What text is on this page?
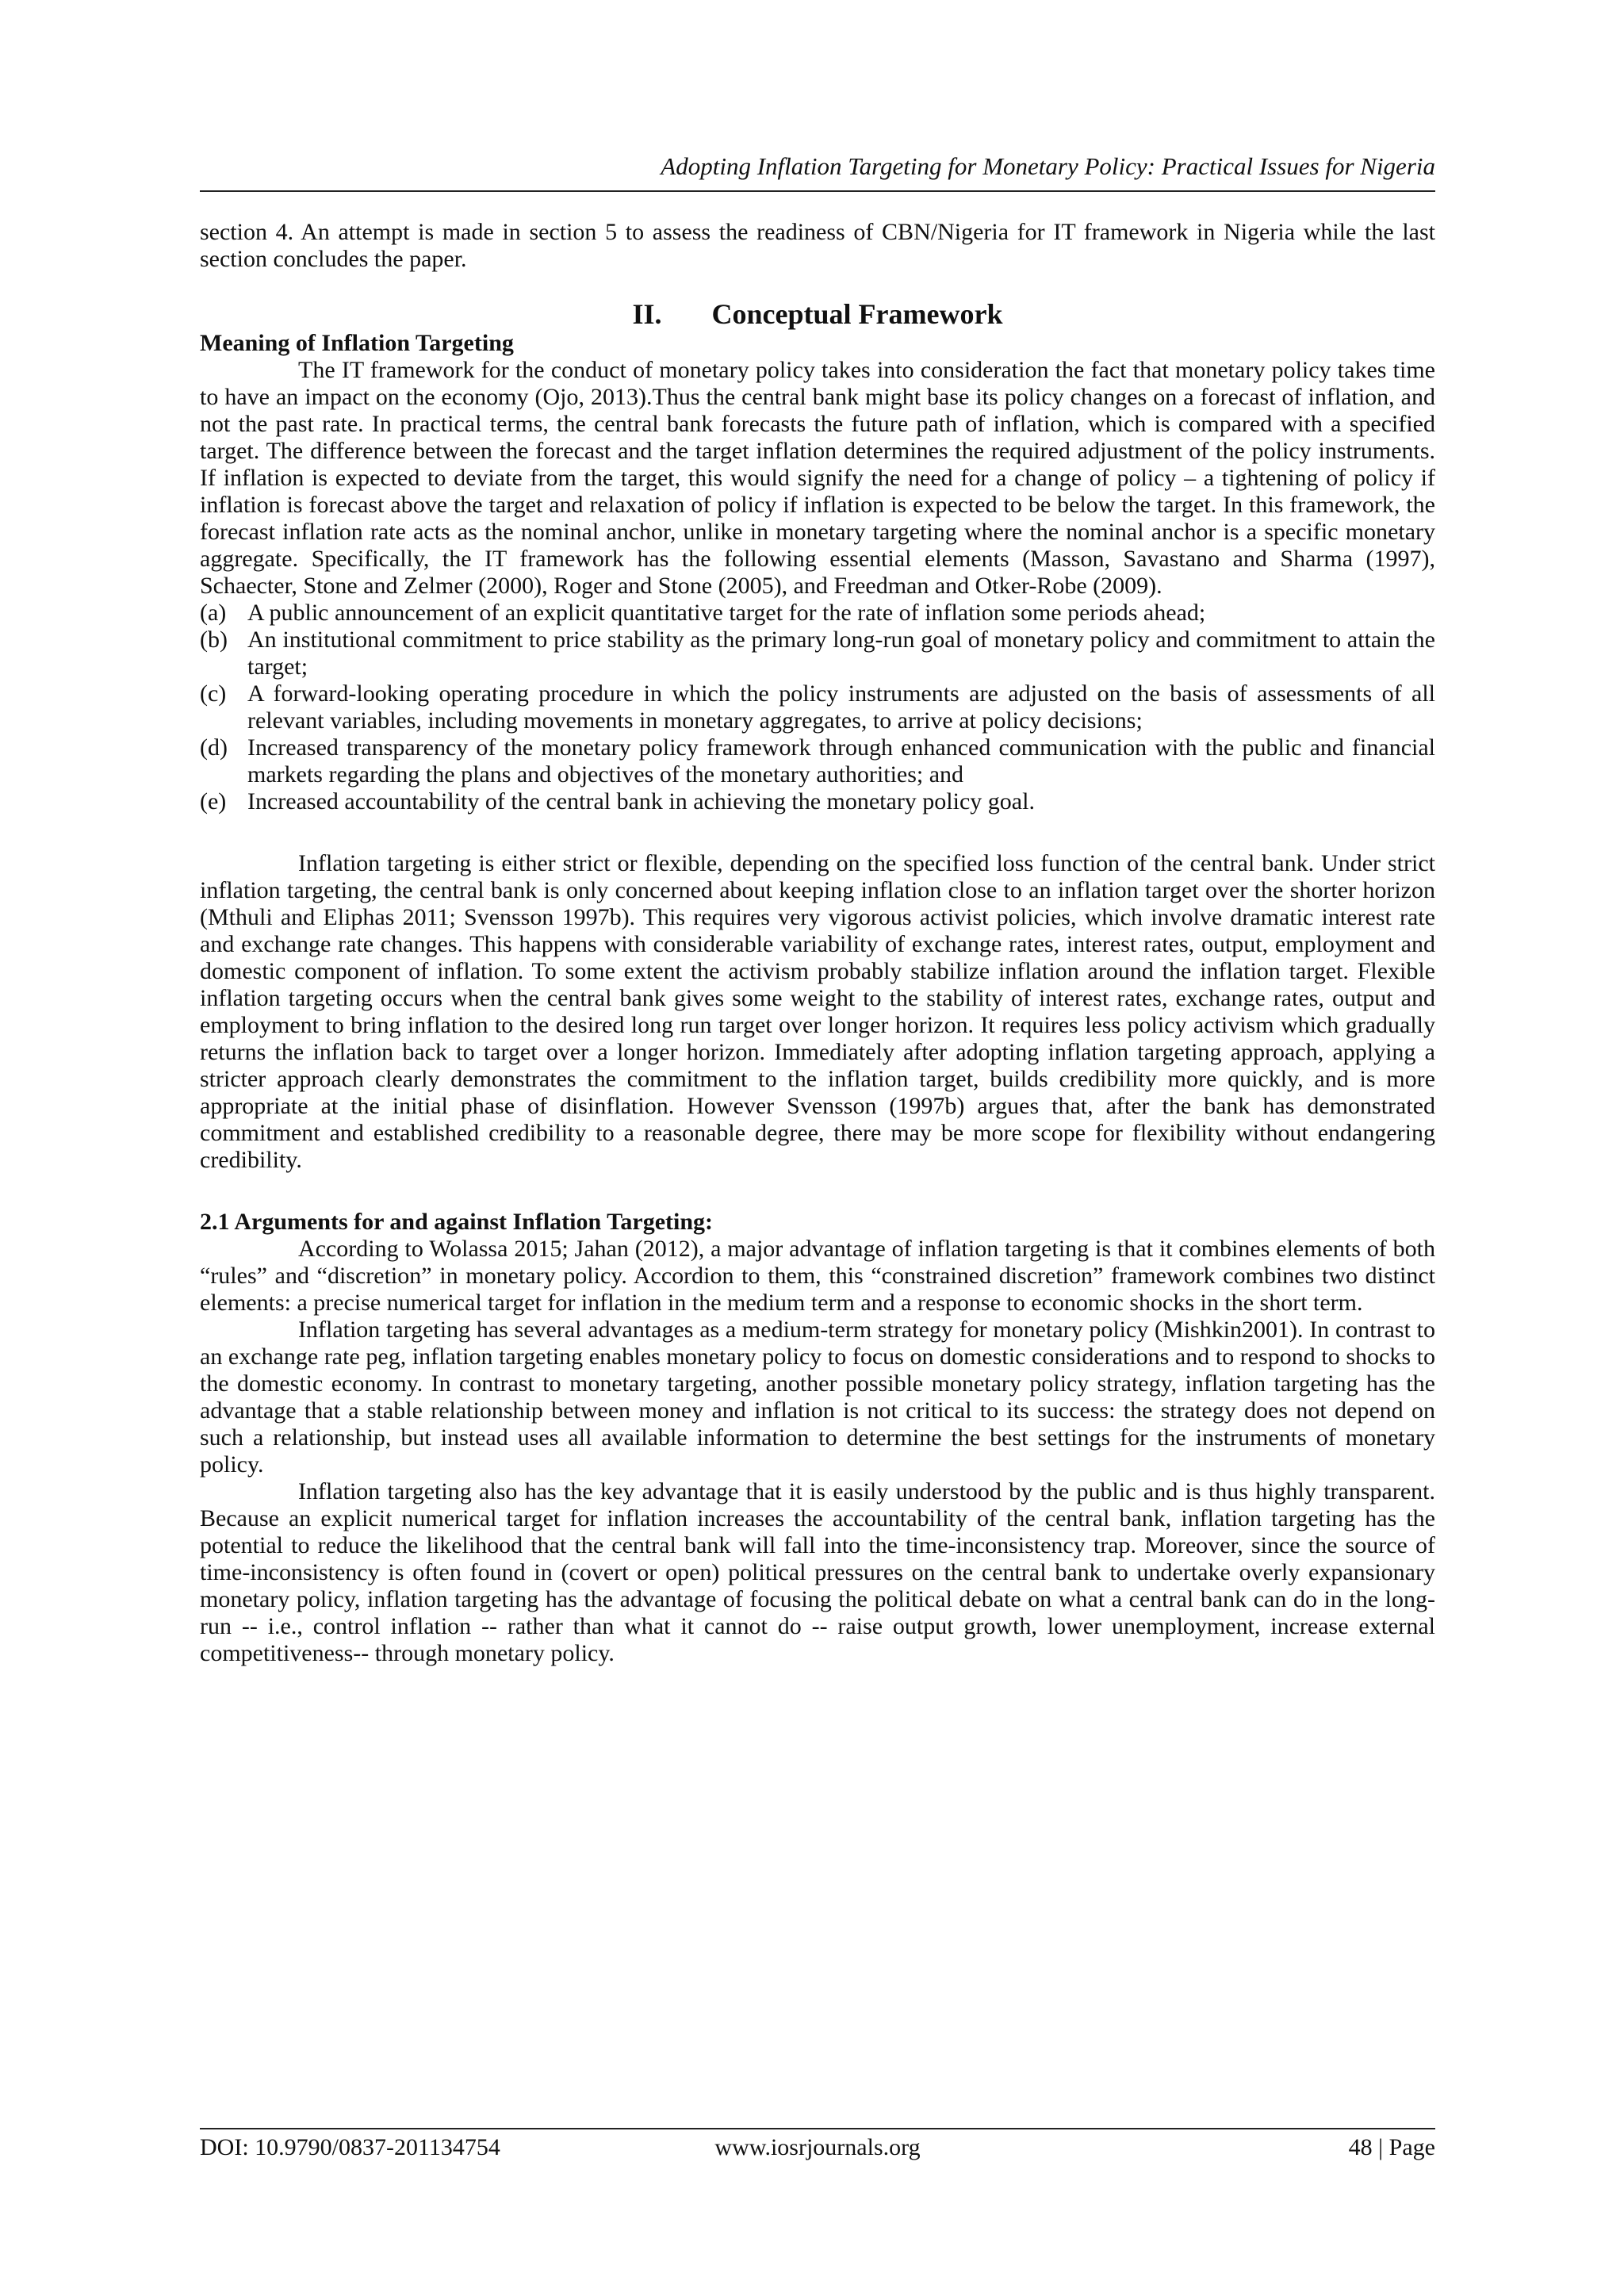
Adopting Inflation Targeting for Monetary Policy: Practical Issues for Nigeria

section 4. An attempt is made in section 5 to assess the readiness of CBN/Nigeria for IT framework in Nigeria while the last section concludes the paper.

II. Conceptual Framework

Meaning of Inflation Targeting

The IT framework for the conduct of monetary policy takes into consideration the fact that monetary policy takes time to have an impact on the economy (Ojo, 2013).Thus the central bank might base its policy changes on a forecast of inflation, and not the past rate. In practical terms, the central bank forecasts the future path of inflation, which is compared with a specified target. The difference between the forecast and the target inflation determines the required adjustment of the policy instruments. If inflation is expected to deviate from the target, this would signify the need for a change of policy – a tightening of policy if inflation is forecast above the target and relaxation of policy if inflation is expected to be below the target. In this framework, the forecast inflation rate acts as the nominal anchor, unlike in monetary targeting where the nominal anchor is a specific monetary aggregate. Specifically, the IT framework has the following essential elements (Masson, Savastano and Sharma (1997), Schaecter, Stone and Zelmer (2000), Roger and Stone (2005), and Freedman and Otker-Robe (2009).

(a) A public announcement of an explicit quantitative target for the rate of inflation some periods ahead;
(b) An institutional commitment to price stability as the primary long-run goal of monetary policy and commitment to attain the target;
(c) A forward-looking operating procedure in which the policy instruments are adjusted on the basis of assessments of all relevant variables, including movements in monetary aggregates, to arrive at policy decisions;
(d) Increased transparency of the monetary policy framework through enhanced communication with the public and financial markets regarding the plans and objectives of the monetary authorities; and
(e) Increased accountability of the central bank in achieving the monetary policy goal.

Inflation targeting is either strict or flexible, depending on the specified loss function of the central bank. Under strict inflation targeting, the central bank is only concerned about keeping inflation close to an inflation target over the shorter horizon (Mthuli and Eliphas 2011; Svensson 1997b). This requires very vigorous activist policies, which involve dramatic interest rate and exchange rate changes. This happens with considerable variability of exchange rates, interest rates, output, employment and domestic component of inflation. To some extent the activism probably stabilize inflation around the inflation target. Flexible inflation targeting occurs when the central bank gives some weight to the stability of interest rates, exchange rates, output and employment to bring inflation to the desired long run target over longer horizon. It requires less policy activism which gradually returns the inflation back to target over a longer horizon. Immediately after adopting inflation targeting approach, applying a stricter approach clearly demonstrates the commitment to the inflation target, builds credibility more quickly, and is more appropriate at the initial phase of disinflation. However Svensson (1997b) argues that, after the bank has demonstrated commitment and established credibility to a reasonable degree, there may be more scope for flexibility without endangering credibility.

2.1 Arguments for and against Inflation Targeting:

According to Wolassa 2015; Jahan (2012), a major advantage of inflation targeting is that it combines elements of both “rules” and “discretion” in monetary policy. Accordion to them, this “constrained discretion” framework combines two distinct elements: a precise numerical target for inflation in the medium term and a response to economic shocks in the short term.

Inflation targeting has several advantages as a medium-term strategy for monetary policy (Mishkin2001). In contrast to an exchange rate peg, inflation targeting enables monetary policy to focus on domestic considerations and to respond to shocks to the domestic economy. In contrast to monetary targeting, another possible monetary policy strategy, inflation targeting has the advantage that a stable relationship between money and inflation is not critical to its success: the strategy does not depend on such a relationship, but instead uses all available information to determine the best settings for the instruments of monetary policy.

Inflation targeting also has the key advantage that it is easily understood by the public and is thus highly transparent. Because an explicit numerical target for inflation increases the accountability of the central bank, inflation targeting has the potential to reduce the likelihood that the central bank will fall into the time-inconsistency trap. Moreover, since the source of time-inconsistency is often found in (covert or open) political pressures on the central bank to undertake overly expansionary monetary policy, inflation targeting has the advantage of focusing the political debate on what a central bank can do in the long-run -- i.e., control inflation -- rather than what it cannot do -- raise output growth, lower unemployment, increase external competitiveness-- through monetary policy.

DOI: 10.9790/0837-201134754	www.iosrjournals.org	48 | Page
